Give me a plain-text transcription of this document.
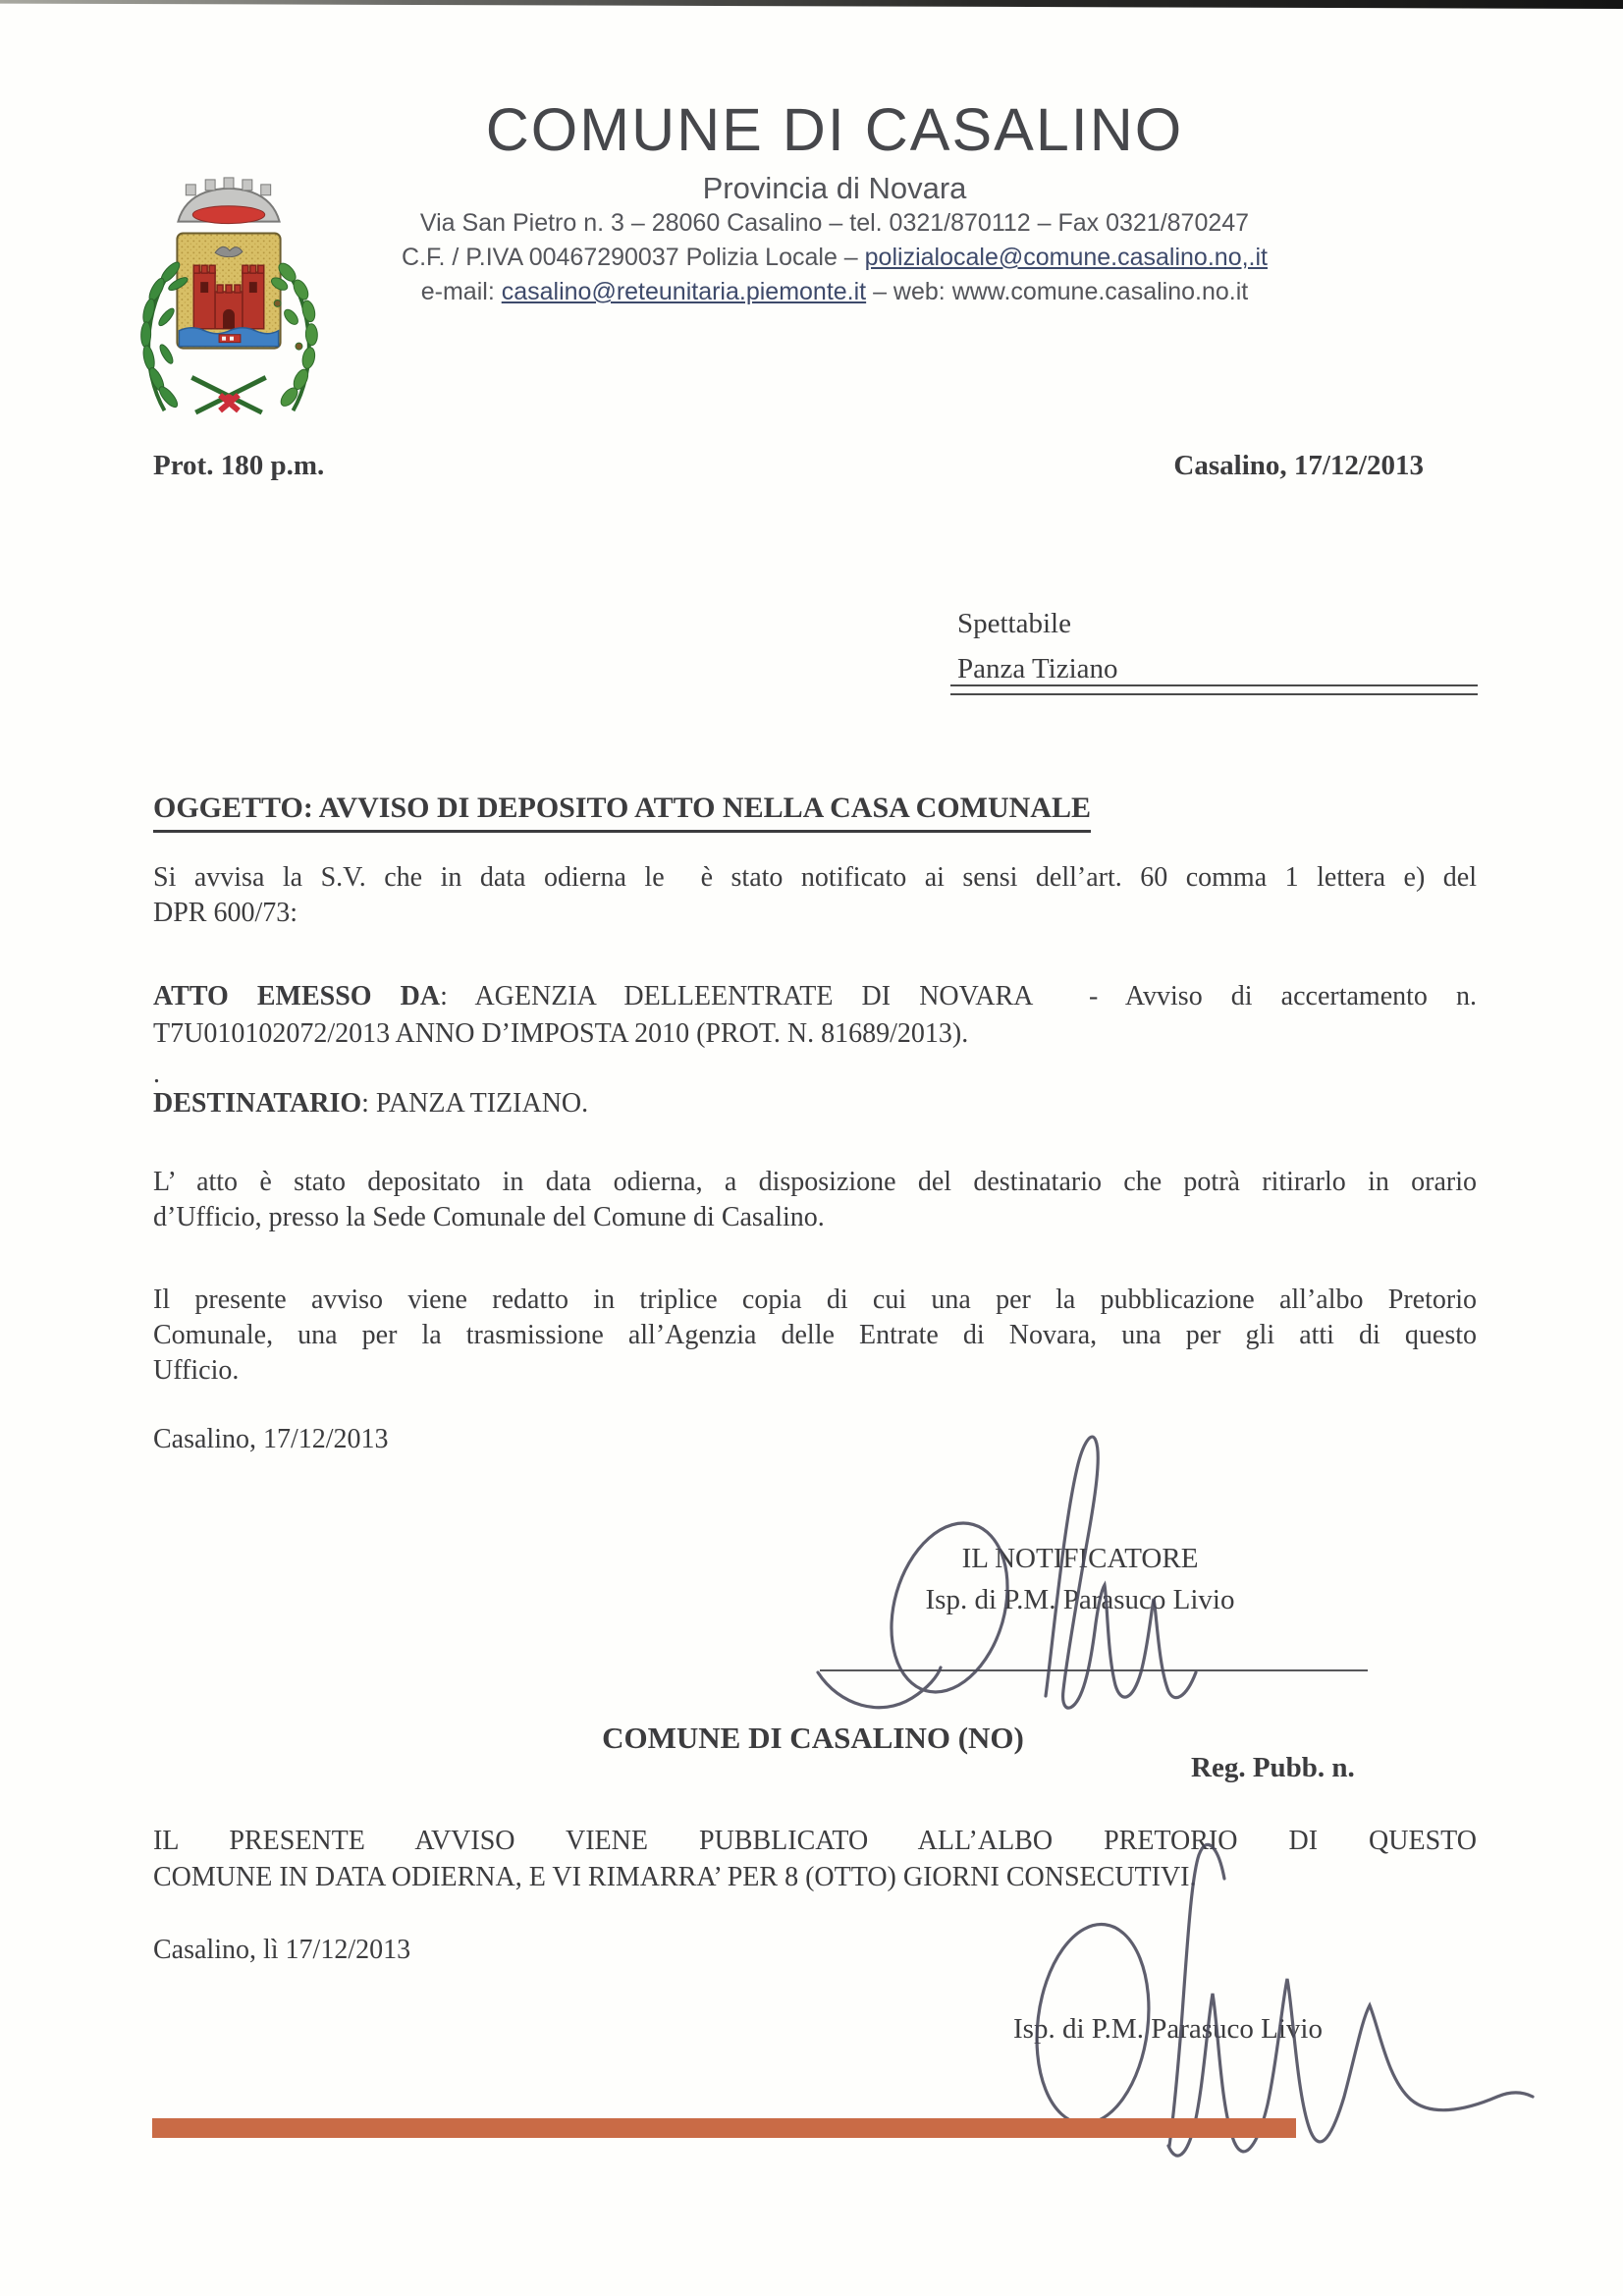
COMUNE DI CASALINO
Provincia di Novara
Via San Pietro n. 3 – 28060 Casalino – tel. 0321/870112 – Fax 0321/870247
C.F. / P.IVA 00467290037 Polizia Locale – polizialocale@comune.casalino.no,.it
e-mail: casalino@reteunitaria.piemonte.it – web: www.comune.casalino.no.it
Prot. 180 p.m.	Casalino, 17/12/2013
Spettabile
Panza Tiziano
OGGETTO: AVVISO DI DEPOSITO ATTO NELLA CASA COMUNALE
Si avvisa la S.V. che in data odierna le  è stato notificato ai sensi dell’art. 60 comma 1 lettera e) del
DPR 600/73:
ATTO EMESSO DA: AGENZIA DELLEENTRATE DI NOVARA  - Avviso di accertamento n.
T7U010102072/2013 ANNO D’IMPOSTA 2010 (PROT. N. 81689/2013).
.
DESTINATARIO: PANZA TIZIANO.
L’ atto è stato depositato in data odierna, a disposizione del destinatario che potrà ritirarlo in orario
d’Ufficio, presso la Sede Comunale del Comune di Casalino.
Il presente avviso viene redatto in triplice copia di cui una per la pubblicazione all’albo Pretorio
Comunale, una per la trasmissione all’Agenzia delle Entrate di Novara, una per gli atti di questo
Ufficio.
Casalino, 17/12/2013
IL NOTIFICATORE
Isp. di P.M. Parasuco Livio
COMUNE DI CASALINO (NO)
Reg. Pubb. n.
IL PRESENTE AVVISO VIENE PUBBLICATO ALL’ALBO PRETORIO DI QUESTO
COMUNE IN DATA ODIERNA, E VI RIMARRA’ PER 8 (OTTO) GIORNI CONSECUTIVI.
Casalino, lì 17/12/2013
Isp. di P.M. Parasuco Livio
